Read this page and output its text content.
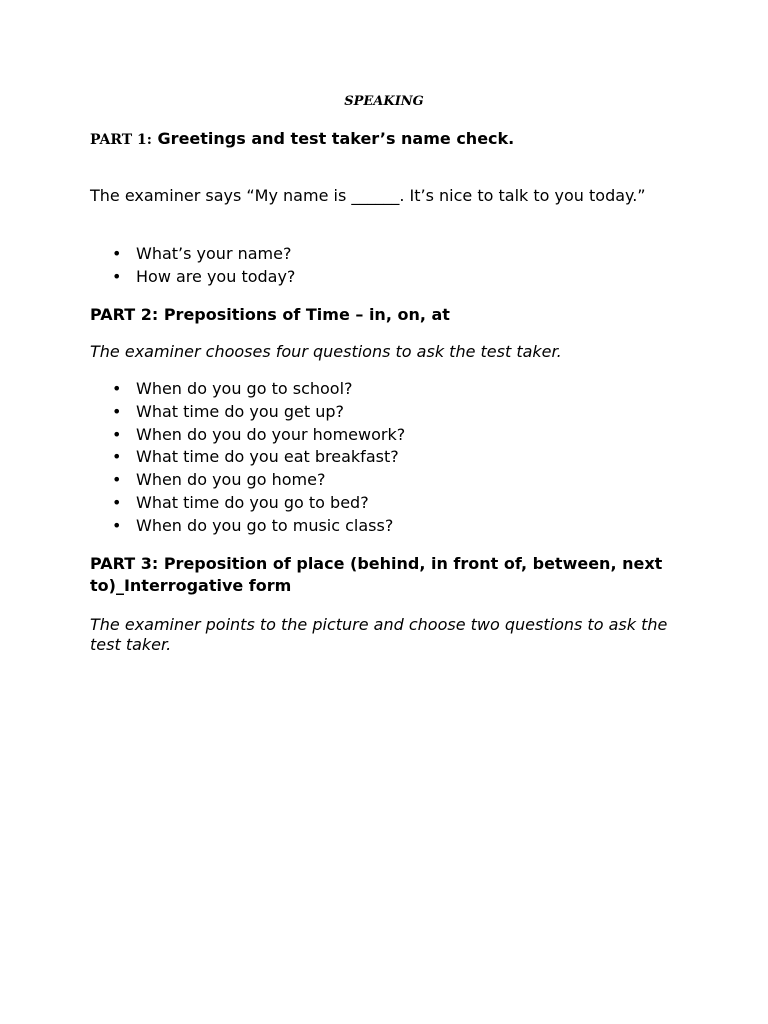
SPEAKING
PART 1: Greetings and test taker’s name check.

The examiner says “My name is ______. It’s nice to talk to you today.”

• What’s your name?
• How are you today?
PART 2: Prepositions of Time – in, on, at

The examiner chooses four questions to ask the test taker.

• When do you go to school?
• What time do you get up?
• When do you do your homework?
• What time do you eat breakfast?
• When do you go home?
• What time do you go to bed?
• When do you go to music class?
PART 3: Preposition of place (behind, in front of, between, next to)_Interrogative form

The examiner points to the picture and choose two questions to ask the test taker.
